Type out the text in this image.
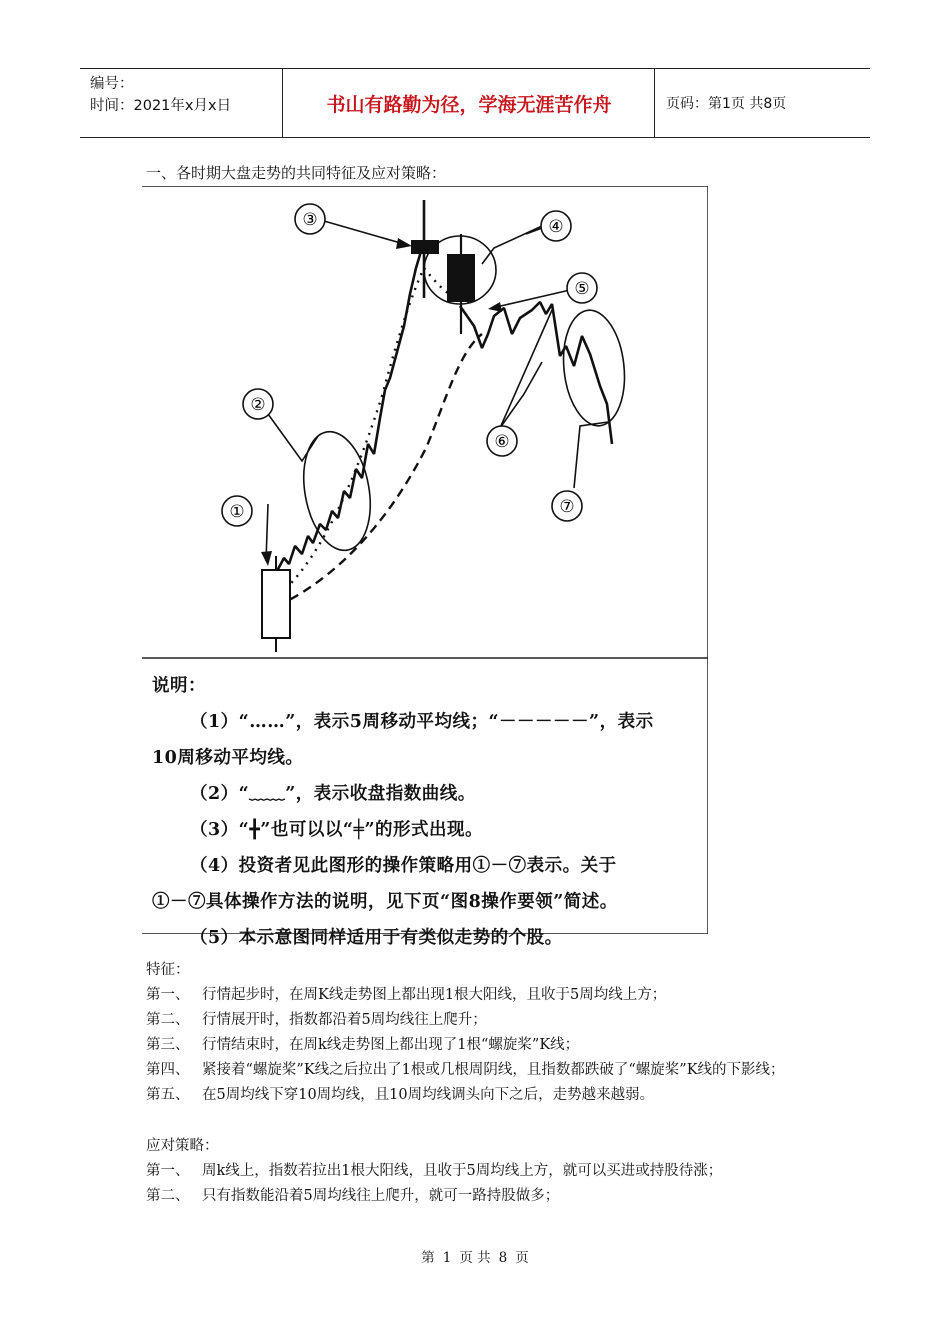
编号：
时间：2021年x月x日	书山有路勤为径，学海无涯苦作舟	页码：第1页 共8页
一、各时期大盘走势的共同特征及应对策略：
①
②
③	④
⑤
⑥
⑦
说明：
（1）“……”，表示5周移动平均线；“－－－－－”，表示
10周移动平均线。
（2）“﹏﹏”，表示收盘指数曲线。
（3）“╋”也可以以“╪”的形式出现。
（4）投资者见此图形的操作策略用①－⑦表示。关于
①－⑦具体操作方法的说明，见下页“图8操作要领”简述。
（5）本示意图同样适用于有类似走势的个股。
特征：
第一、 行情起步时，在周K线走势图上都出现1根大阳线，且收于5周均线上方；
第二、 行情展开时，指数都沿着5周均线往上爬升；
第三、 行情结束时，在周k线走势图上都出现了1根“螺旋桨”K线；
第四、 紧接着“螺旋桨”K线之后拉出了1根或几根周阴线，且指数都跌破了“螺旋桨”K线的下影线；
第五、 在5周均线下穿10周均线，且10周均线调头向下之后，走势越来越弱。
应对策略：
第一、 周k线上，指数若拉出1根大阳线，且收于5周均线上方，就可以买进或持股待涨；
第二、 只有指数能沿着5周均线往上爬升，就可一路持股做多；
第 1 页 共 8 页
